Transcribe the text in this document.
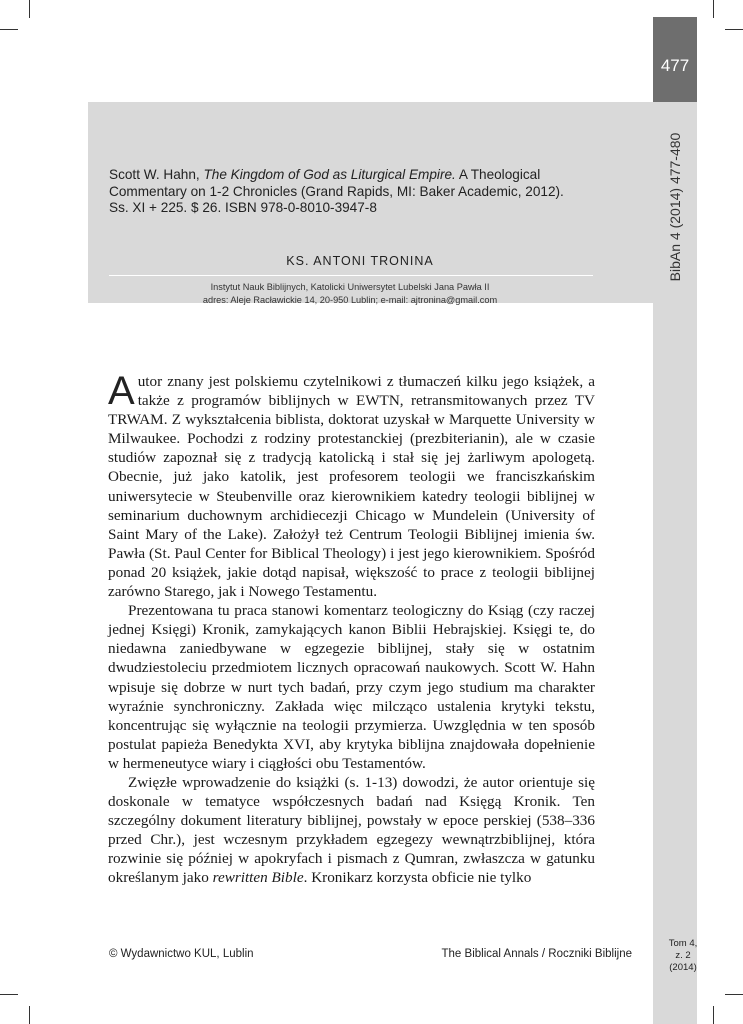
477
BibAn 4 (2014) 477-480
Scott W. Hahn, The Kingdom of God as Liturgical Empire. A Theological Commentary on 1-2 Chronicles (Grand Rapids, MI: Baker Academic, 2012). Ss. XI + 225. $ 26. ISBN 978-0-8010-3947-8
KS. ANTONI TRONINA
Instytut Nauk Biblijnych, Katolicki Uniwersytet Lubelski Jana Pawła II
adres: Aleje Racławickie 14, 20-950 Lublin; e-mail: ajtronina@gmail.com

Autor znany jest polskiemu czytelnikowi z tłumaczeń kilku jego książek, a także z programów biblijnych w EWTN, retransmitowanych przez TV TRWAM. Z wykształcenia biblista, doktorat uzyskał w Marquette University w Milwaukee. Pochodzi z rodziny protestanckiej (prezbiterianin), ale w czasie studiów zapoznał się z tradycją katolicką i stał się jej żarliwym apologetą. Obecnie, już jako katolik, jest profesorem teologii we franciszkańskim uniwersytecie w Steubenville oraz kierownikiem katedry teologii biblijnej w seminarium duchownym archidiecezji Chicago w Mundelein (University of Saint Mary of the Lake). Założył też Centrum Teologii Biblijnej imienia św. Pawła (St. Paul Center for Biblical Theology) i jest jego kierownikiem. Spośród ponad 20 książek, jakie dotąd napisał, większość to prace z teologii biblijnej zarówno Starego, jak i Nowego Testamentu.

Prezentowana tu praca stanowi komentarz teologiczny do Ksiąg (czy raczej jednej Księgi) Kronik, zamykających kanon Biblii Hebrajskiej. Księgi te, do niedawna zaniedbywane w egzegezie biblijnej, stały się w ostatnim dwudziestoleciu przedmiotem licznych opracowań naukowych. Scott W. Hahn wpisuje się dobrze w nurt tych badań, przy czym jego studium ma charakter wyraźnie synchroniczny. Zakłada więc milcząco ustalenia krytyki tekstu, koncentrując się wyłącznie na teologii przymierza. Uwzględnia w ten sposób postulat papieża Benedykta XVI, aby krytyka biblijna znajdowała dopełnienie w hermeneutyce wiary i ciągłości obu Testamentów.

Zwięzłe wprowadzenie do książki (s. 1-13) dowodzi, że autor orientuje się doskonale w tematyce współczesnych badań nad Księgą Kronik. Ten szczególny dokument literatury biblijnej, powstały w epoce perskiej (538–336 przed Chr.), jest wczesnym przykładem egzegezy wewnątrzbiblijnej, która rozwinie się później w apokryfach i pismach z Qumran, zwłaszcza w gatunku określanym jako rewritten Bible. Kronikarz korzysta obficie nie tylko

© Wydawnictwo KUL, Lublin	The Biblical Annals / Roczniki Biblijne
Tom 4,
z. 2
(2014)
